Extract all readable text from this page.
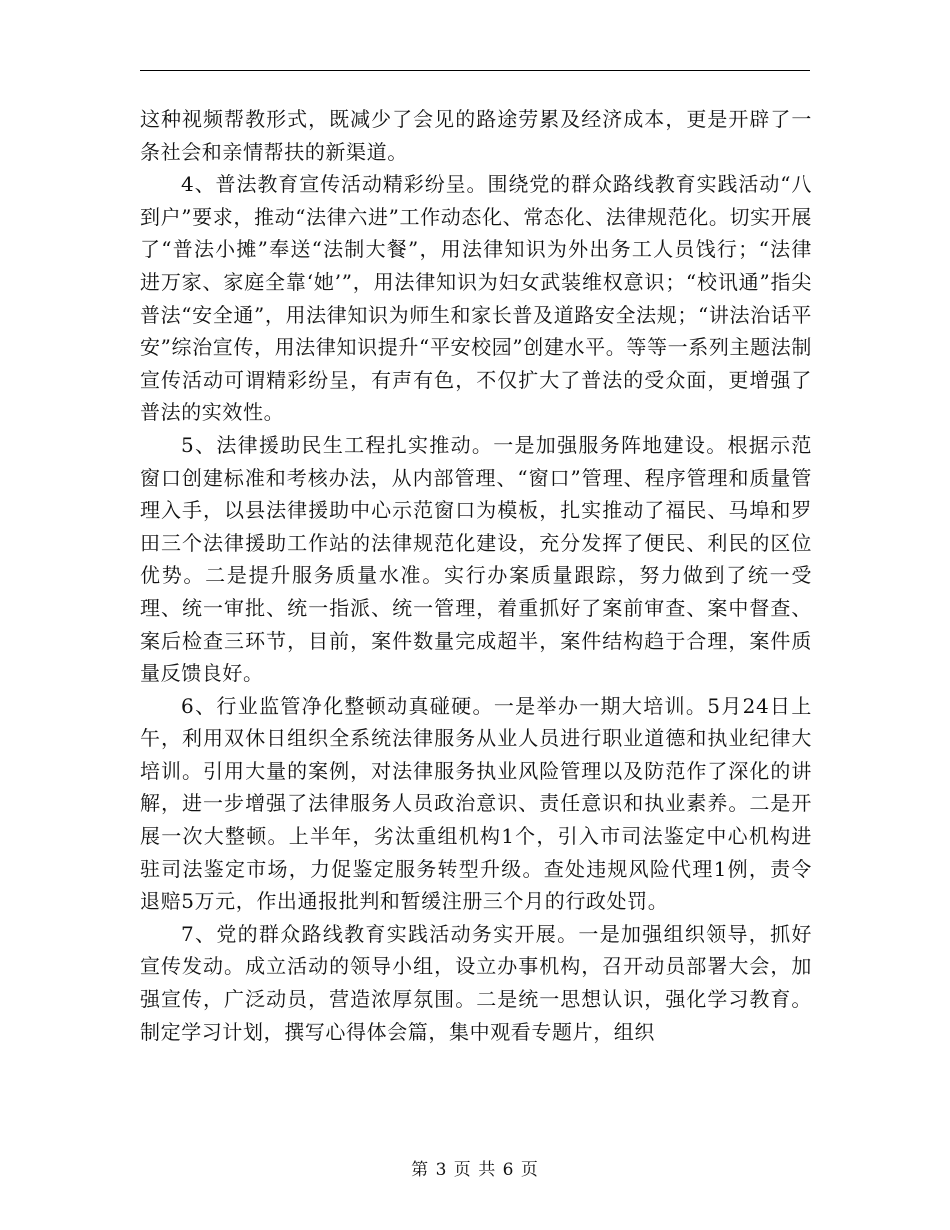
这种视频帮教形式，既减少了会见的路途劳累及经济成本，更是开辟了一条社会和亲情帮扶的新渠道。

4、普法教育宣传活动精彩纷呈。围绕党的群众路线教育实践活动“八到户”要求，推动“法律六进”工作动态化、常态化、法律规范化。切实开展了“普法小摊”奉送“法制大餐”，用法律知识为外出务工人员饯行；“法律进万家、家庭全靠‘她’”，用法律知识为妇女武装维权意识；“校讯通”指尖普法“安全通”，用法律知识为师生和家长普及道路安全法规；“讲法治话平安”综治宣传，用法律知识提升“平安校园”创建水平。等等一系列主题法制宣传活动可谓精彩纷呈，有声有色，不仅扩大了普法的受众面，更增强了普法的实效性。

5、法律援助民生工程扎实推动。一是加强服务阵地建设。根据示范窗口创建标准和考核办法，从内部管理、“窗口”管理、程序管理和质量管理入手，以县法律援助中心示范窗口为模板，扎实推动了福民、马埠和罗田三个法律援助工作站的法律规范化建设，充分发挥了便民、利民的区位优势。二是提升服务质量水准。实行办案质量跟踪，努力做到了统一受理、统一审批、统一指派、统一管理，着重抓好了案前审查、案中督查、案后检查三环节，目前，案件数量完成超半，案件结构趋于合理，案件质量反馈良好。

6、行业监管净化整顿动真碰硬。一是举办一期大培训。5月24日上午，利用双休日组织全系统法律服务从业人员进行职业道德和执业纪律大培训。引用大量的案例，对法律服务执业风险管理以及防范作了深化的讲解，进一步增强了法律服务人员政治意识、责任意识和执业素养。二是开展一次大整顿。上半年，劣汰重组机构1个，引入市司法鉴定中心机构进驻司法鉴定市场，力促鉴定服务转型升级。查处违规风险代理1例，责令退赔5万元，作出通报批判和暂缓注册三个月的行政处罚。

7、党的群众路线教育实践活动务实开展。一是加强组织领导，抓好宣传发动。成立活动的领导小组，设立办事机构，召开动员部署大会，加强宣传，广泛动员，营造浓厚氛围。二是统一思想认识，强化学习教育。制定学习计划，撰写心得体会篇，集中观看专题片，组织

第 3 页 共 6 页
